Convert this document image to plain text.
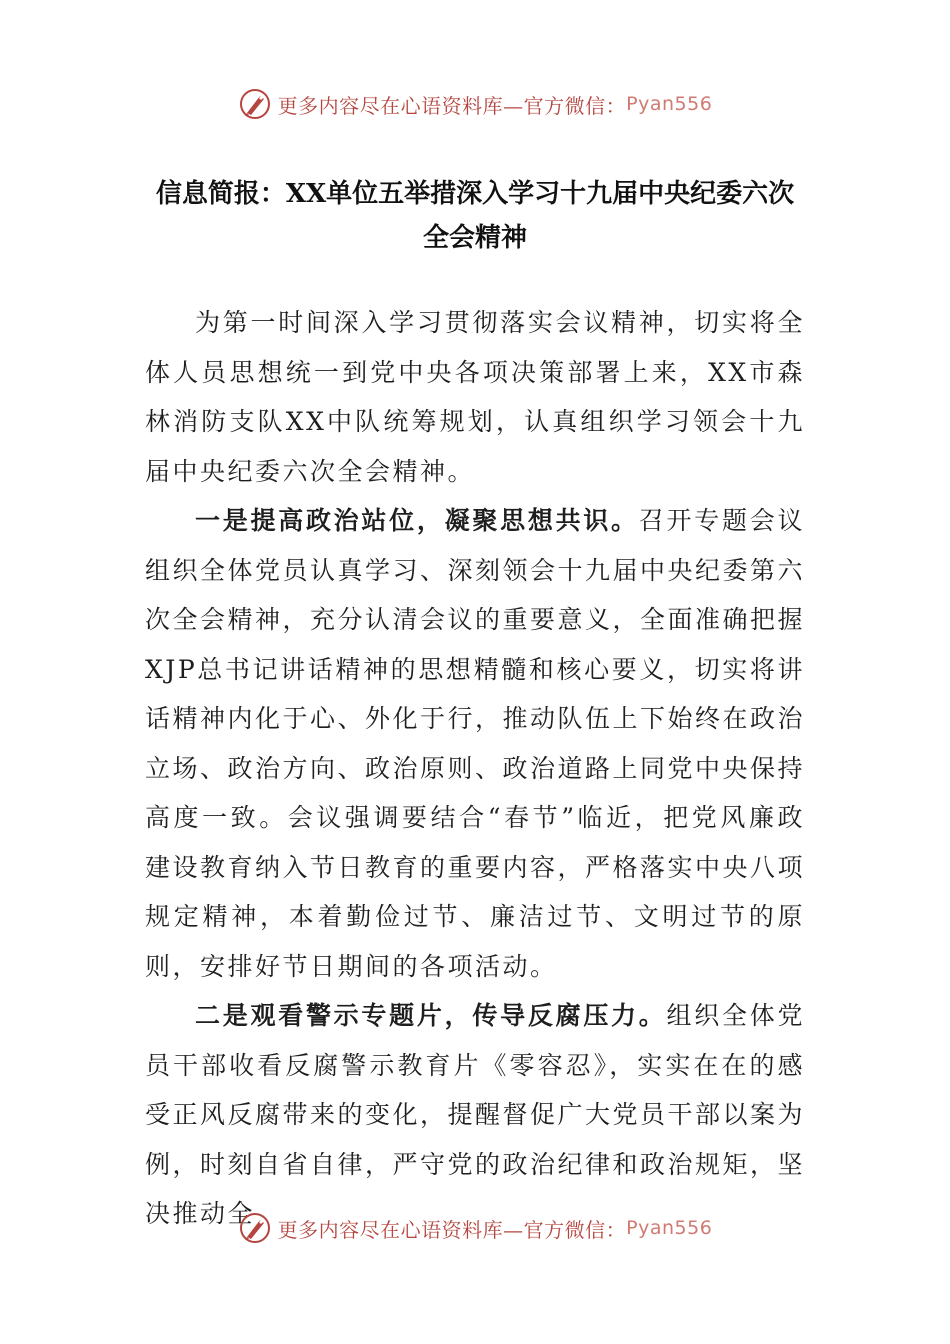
更多内容尽在心语资料库—官方微信： Pyan556
信息简报：XX单位五举措深入学习十九届中央纪委六次全会精神

为第一时间深入学习贯彻落实会议精神，切实将全体人员思想统一到党中央各项决策部署上来，XX市森林消防支队XX中队统筹规划，认真组织学习领会十九届中央纪委六次全会精神。

一是提高政治站位，凝聚思想共识。召开专题会议组织全体党员认真学习、深刻领会十九届中央纪委第六次全会精神，充分认清会议的重要意义，全面准确把握XJP总书记讲话精神的思想精髓和核心要义，切实将讲话精神内化于心、外化于行，推动队伍上下始终在政治立场、政治方向、政治原则、政治道路上同党中央保持高度一致。会议强调要结合“春节”临近，把党风廉政建设教育纳入节日教育的重要内容，严格落实中央八项规定精神，本着勤俭过节、廉洁过节、文明过节的原则，安排好节日期间的各项活动。

二是观看警示专题片，传导反腐压力。组织全体党员干部收看反腐警示教育片《零容忍》，实实在在的感受正风反腐带来的变化，提醒督促广大党员干部以案为例，时刻自省自律，严守党的政治纪律和政治规矩，坚决推动全

更多内容尽在心语资料库—官方微信： Pyan556
